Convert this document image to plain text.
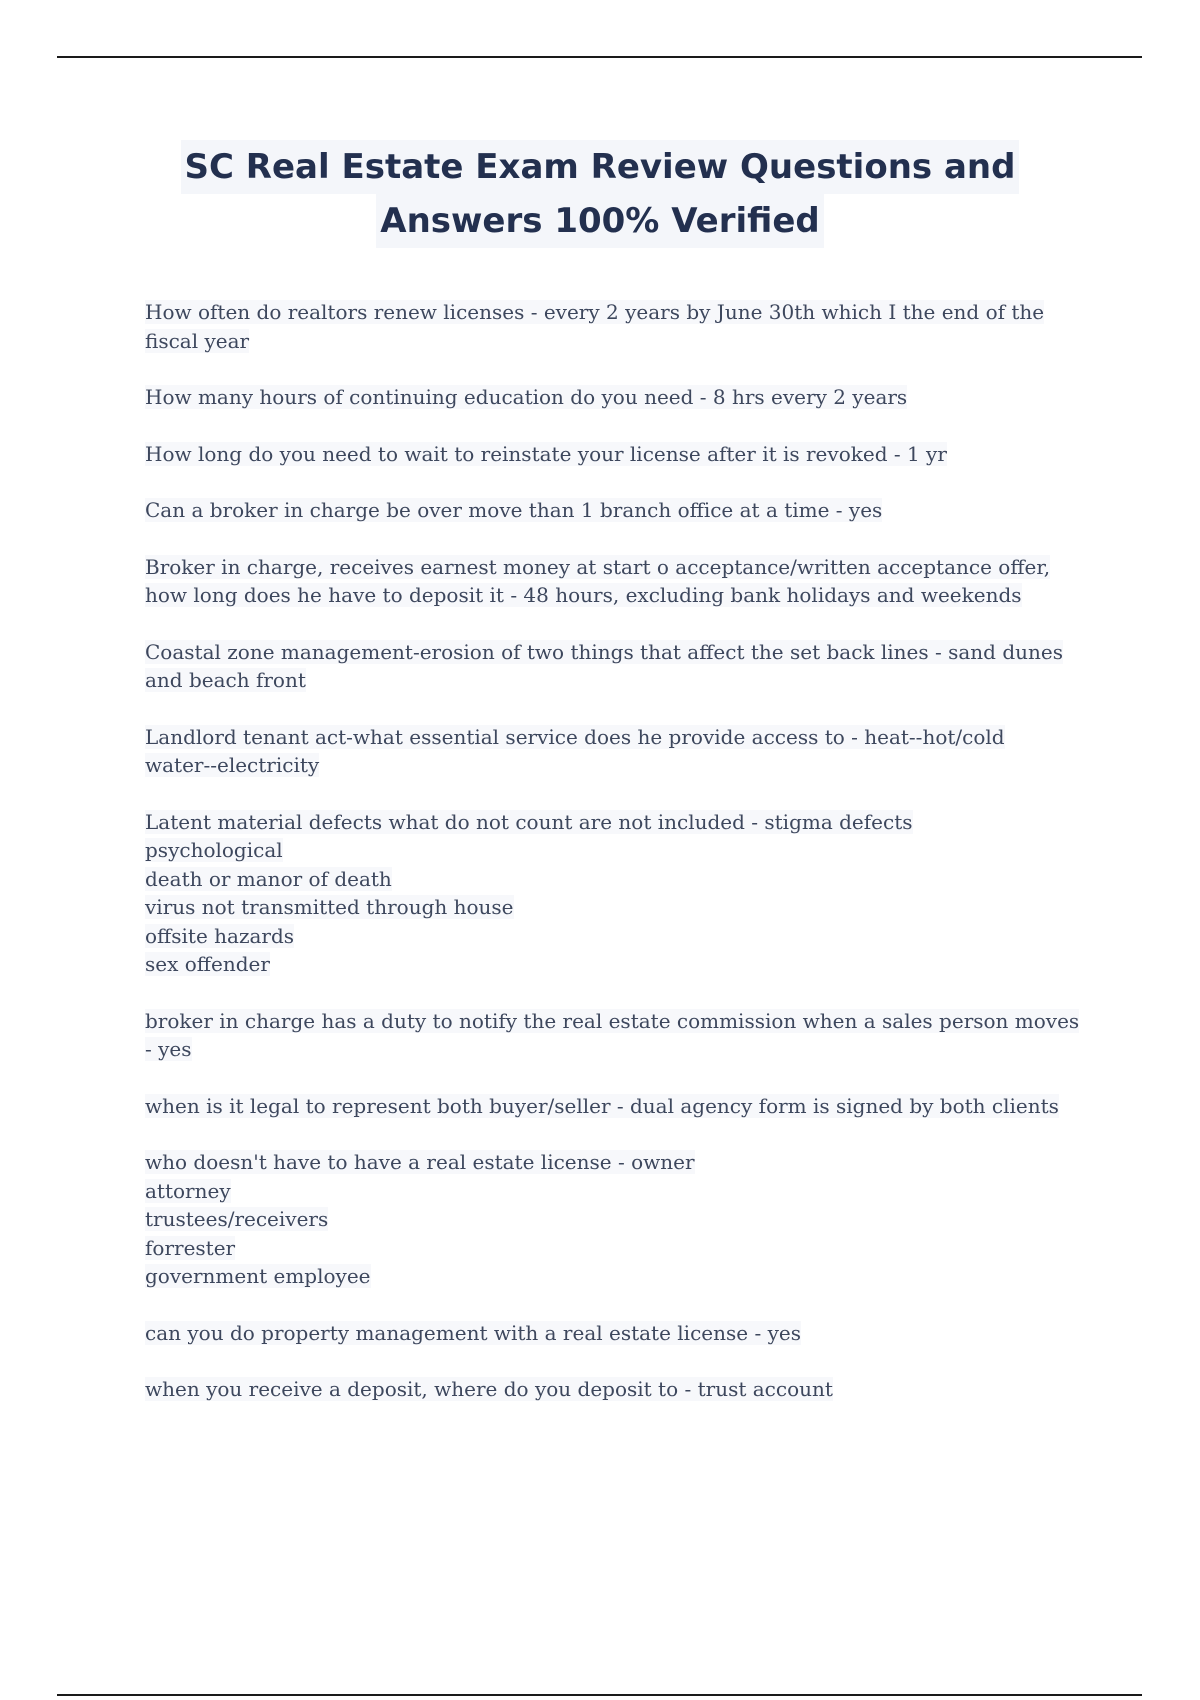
SC Real Estate Exam Review Questions and
Answers 100% Verified
How often do realtors renew licenses - every 2 years by June 30th which I the end of the
fiscal year
How many hours of continuing education do you need - 8 hrs every 2 years
How long do you need to wait to reinstate your license after it is revoked - 1 yr
Can a broker in charge be over move than 1 branch office at a time - yes
Broker in charge, receives earnest money at start o acceptance/written acceptance offer,
how long does he have to deposit it - 48 hours, excluding bank holidays and weekends
Coastal zone management-erosion of two things that affect the set back lines - sand dunes
and beach front
Landlord tenant act-what essential service does he provide access to - heat--hot/cold
water--electricity
Latent material defects what do not count are not included - stigma defects
psychological
death or manor of death
virus not transmitted through house
offsite hazards
sex offender
broker in charge has a duty to notify the real estate commission when a sales person moves
- yes
when is it legal to represent both buyer/seller - dual agency form is signed by both clients
who doesn't have to have a real estate license - owner
attorney
trustees/receivers
forrester
government employee
can you do property management with a real estate license - yes
when you receive a deposit, where do you deposit to - trust account
